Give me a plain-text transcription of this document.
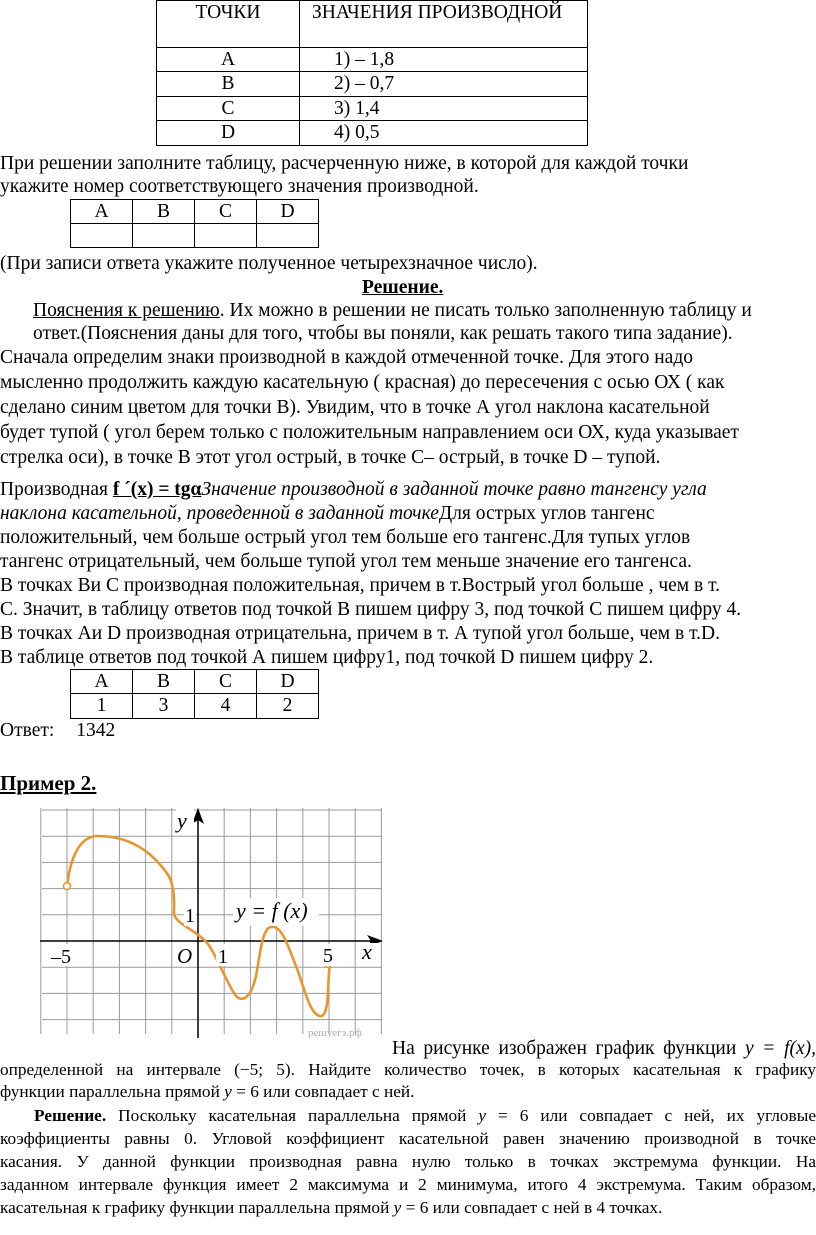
ТОЧКИ	ЗНАЧЕНИЯ ПРОИЗВОДНОЙ
A	1) – 1,8
B	2) – 0,7
C	3) 1,4
D	4) 0,5
При решении заполните таблицу, расчерченную ниже, в которой для каждой точки
укажите номер соответствующего значения производной.
A	B	C	D

(При записи ответа укажите полученное четырехзначное число).
Решение.
Пояснения к решению. Их можно в решении не писать только заполненную таблицу и
ответ.(Пояснения даны для того, чтобы вы поняли, как решать такого типа задание).
Сначала определим знаки производной в каждой отмеченной точке. Для этого надо
мысленно продолжить каждую касательную ( красная) до пересечения с осью ОХ ( как
сделано синим цветом для точки В). Увидим, что в точке А угол наклона касательной
будет тупой ( угол берем только с положительным направлением оси ОХ, куда указывает
стрелка оси), в точке В этот угол острый, в точке С– острый, в точке D – тупой.
Производная f ´(x) = tgαЗначение производной в заданной точке равно тангенсу угла
наклона касательной, проведенной в заданной точкеДля острых углов тангенс
положительный, чем больше острый угол тем больше его тангенс.Для тупых углов
тангенс отрицательный, чем больше тупой угол тем меньше значение его тангенса.
В точках Ви С производная положительная, причем в т.Вострый угол больше , чем в т.
С. Значит, в таблицу ответов под точкой В пишем цифру 3, под точкой С пишем цифру 4.
В точках Аи D производная отрицательна, причем в т. А тупой угол больше, чем в т.D.
В таблице ответов под точкой А пишем цифру1, под точкой D пишем цифру 2.
A	B	C	D
1	3	4	2
Ответ: 1342
Пример 2.
y
x
O 1
1
–5	5
y = f (x)
решуегэ.рф
На рисунке изображен график функции y = f(x),
определенной на интервале (−5; 5). Найдите количество точек, в которых касательная к графику
функции параллельна прямой y = 6 или совпадает с ней.
Решение. Поскольку касательная параллельна прямой y = 6 или совпадает с ней, их угловые
коэффициенты равны 0. Угловой коэффициент касательной равен значению производной в точке
касания. У данной функции производная равна нулю только в точках экстремума функции. На
заданном интервале функция имеет 2 максимума и 2 минимума, итого 4 экстремума. Таким образом,
касательная к графику функции параллельна прямой y = 6 или совпадает с ней в 4 точках.
